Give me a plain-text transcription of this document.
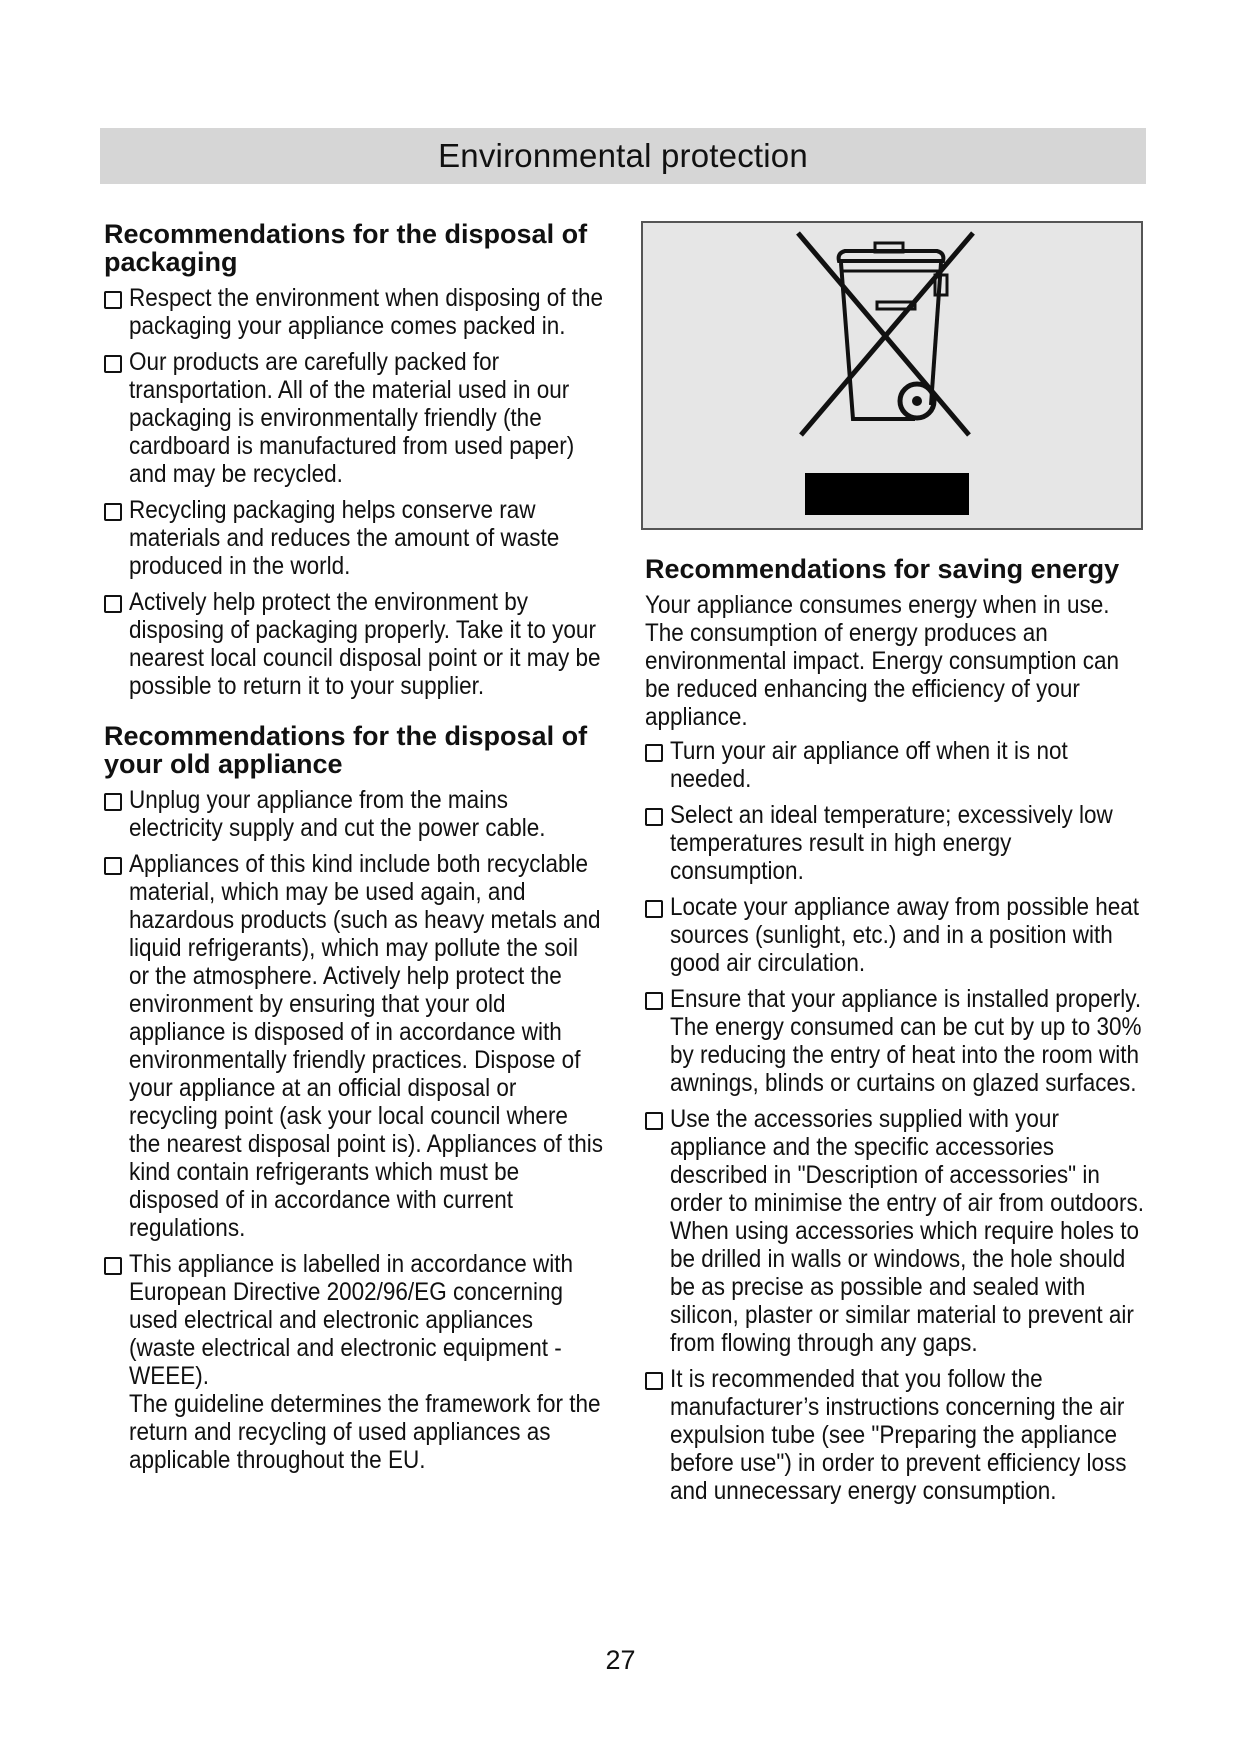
Environmental protection
Recommendations for the disposal of packaging
Respect the environment when disposing of the packaging your appliance comes packed in.
Our products are carefully packed for transportation. All of the material used in our packaging is environmentally friendly (the cardboard is manufactured from used paper) and may be recycled.
Recycling packaging helps conserve raw materials and reduces the amount of waste produced in the world.
Actively help protect the environment by disposing of packaging properly. Take it to your nearest local council disposal point or it may be possible to return it to your supplier.
Recommendations for the disposal of your old appliance
Unplug your appliance from the mains electricity supply and cut the power cable.
Appliances of this kind include both recyclable material, which may be used again, and hazardous products (such as heavy metals and liquid refrigerants), which may pollute the soil or the atmosphere. Actively help protect the environment by ensuring that your old appliance is disposed of in accordance with environmentally friendly practices. Dispose of your appliance at an official disposal or recycling point (ask your local council where the nearest disposal point is). Appliances of this kind contain refrigerants which must be disposed of in accordance with current regulations.
This appliance is labelled in accordance with European Directive 2002/96/EG concerning used electrical and electronic appliances (waste electrical and electronic equipment - WEEE).
The guideline determines the framework for the return and recycling of used appliances as applicable throughout the EU.
Recommendations for saving energy

Your appliance consumes energy when in use. The consumption of energy produces an environmental impact. Energy consumption can be reduced enhancing the efficiency of your appliance.

Turn your air appliance off when it is not needed.
Select an ideal temperature; excessively low temperatures result in high energy consumption.
Locate your appliance away from possible heat sources (sunlight, etc.) and in a position with good air circulation.
Ensure that your appliance is installed properly. The energy consumed can be cut by up to 30% by reducing the entry of heat into the room with awnings, blinds or curtains on glazed surfaces.
Use the accessories supplied with your appliance and the specific accessories described in "Description of accessories" in order to minimise the entry of air from outdoors. When using accessories which require holes to be drilled in walls or windows, the hole should be as precise as possible and sealed with silicon, plaster or similar material to prevent air from flowing through any gaps.
It is recommended that you follow the manufacturer’s instructions concerning the air expulsion tube (see "Preparing the appliance before use") in order to prevent efficiency loss and unnecessary energy consumption.
27
